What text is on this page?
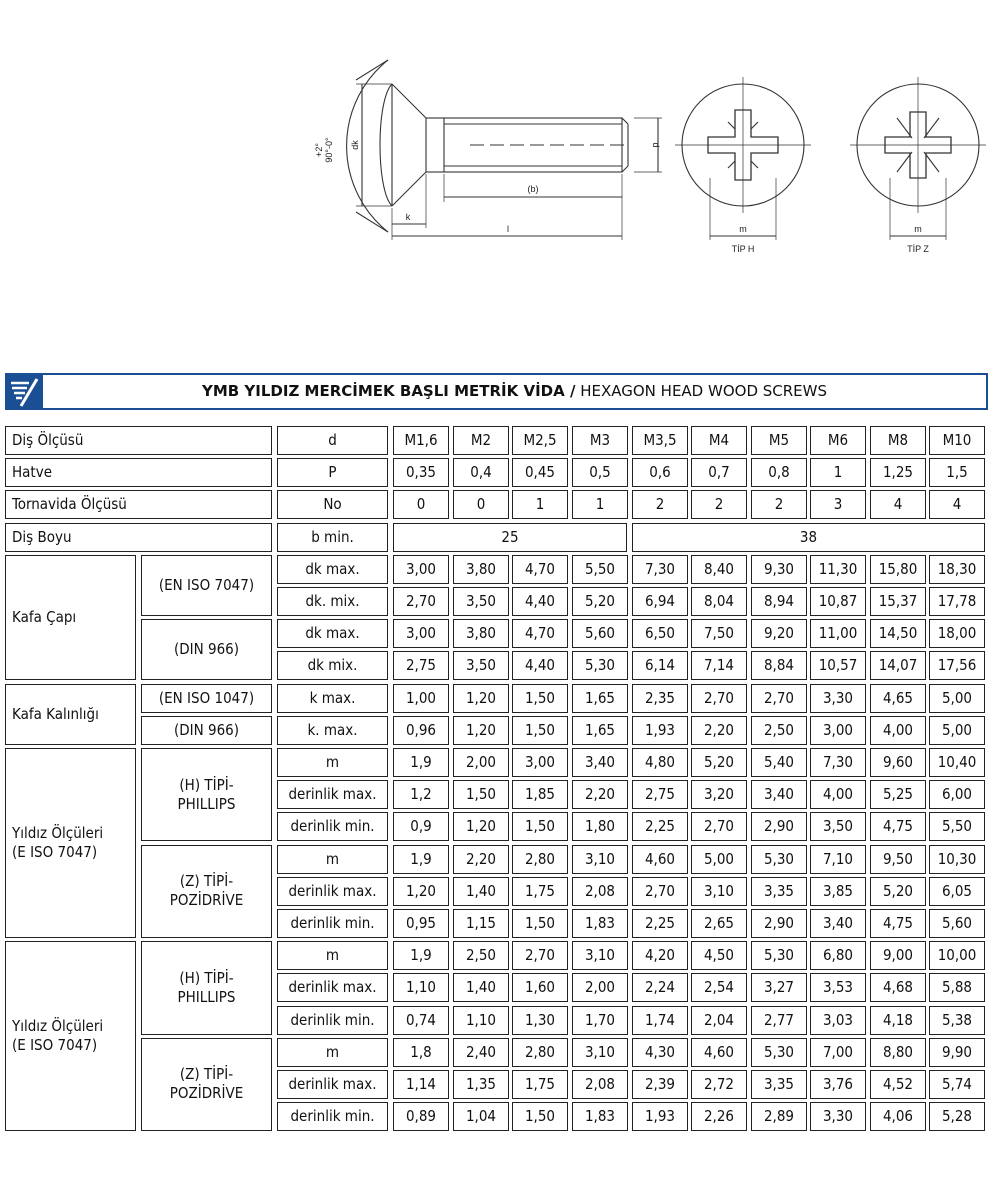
+2° 90°-0° dk	d
(b)
k
l	m	m
TİP H	TİP Z
YMB YILDIZ MERCİMEK BAŞLI METRİK VİDA / HEXAGON HEAD WOOD SCREWS
Diş Ölçüsü	d	M1,6	M2	M2,5	M3	M3,5	M4	M5	M6	M8	M10
Hatve	P	0,35	0,4	0,45	0,5	0,6	0,7	0,8	1	1,25	1,5
Tornavida Ölçüsü	No	0	0	1	1	2	2	2	3	4	4
Diş Boyu	b min.	25	38
Kafa Çapı
(EN ISO 7047)
dk max.	3,00	3,80	4,70	5,50	7,30	8,40	9,30	11,30	15,80	18,30
dk. mix.	2,70	3,50	4,40	5,20	6,94	8,04	8,94	10,87	15,37	17,78
(DIN 966)
dk max.	3,00	3,80	4,70	5,60	6,50	7,50	9,20	11,00	14,50	18,00
dk mix.	2,75	3,50	4,40	5,30	6,14	7,14	8,84	10,57	14,07	17,56
Kafa Kalınlığı
(EN ISO 1047)	k max.	1,00	1,20	1,50	1,65	2,35	2,70	2,70	3,30	4,65	5,00
(DIN 966)	k. max.	0,96	1,20	1,50	1,65	1,93	2,20	2,50	3,00	4,00	5,00
Yıldız Ölçüleri
(E ISO 7047)
(H) TİPİ-
PHILLIPS
m	1,9	2,00	3,00	3,40	4,80	5,20	5,40	7,30	9,60	10,40
derinlik max.	1,2	1,50	1,85	2,20	2,75	3,20	3,40	4,00	5,25	6,00
derinlik min.	0,9	1,20	1,50	1,80	2,25	2,70	2,90	3,50	4,75	5,50
(Z) TİPİ-
POZİDRİVE
m	1,9	2,20	2,80	3,10	4,60	5,00	5,30	7,10	9,50	10,30
derinlik max.	1,20	1,40	1,75	2,08	2,70	3,10	3,35	3,85	5,20	6,05
derinlik min.	0,95	1,15	1,50	1,83	2,25	2,65	2,90	3,40	4,75	5,60
Yıldız Ölçüleri
(E ISO 7047)
(H) TİPİ-
PHILLIPS
m	1,9	2,50	2,70	3,10	4,20	4,50	5,30	6,80	9,00	10,00
derinlik max.	1,10	1,40	1,60	2,00	2,24	2,54	3,27	3,53	4,68	5,88
derinlik min.	0,74	1,10	1,30	1,70	1,74	2,04	2,77	3,03	4,18	5,38
(Z) TİPİ-
POZİDRİVE
m	1,8	2,40	2,80	3,10	4,30	4,60	5,30	7,00	8,80	9,90
derinlik max.	1,14	1,35	1,75	2,08	2,39	2,72	3,35	3,76	4,52	5,74
derinlik min.	0,89	1,04	1,50	1,83	1,93	2,26	2,89	3,30	4,06	5,28
